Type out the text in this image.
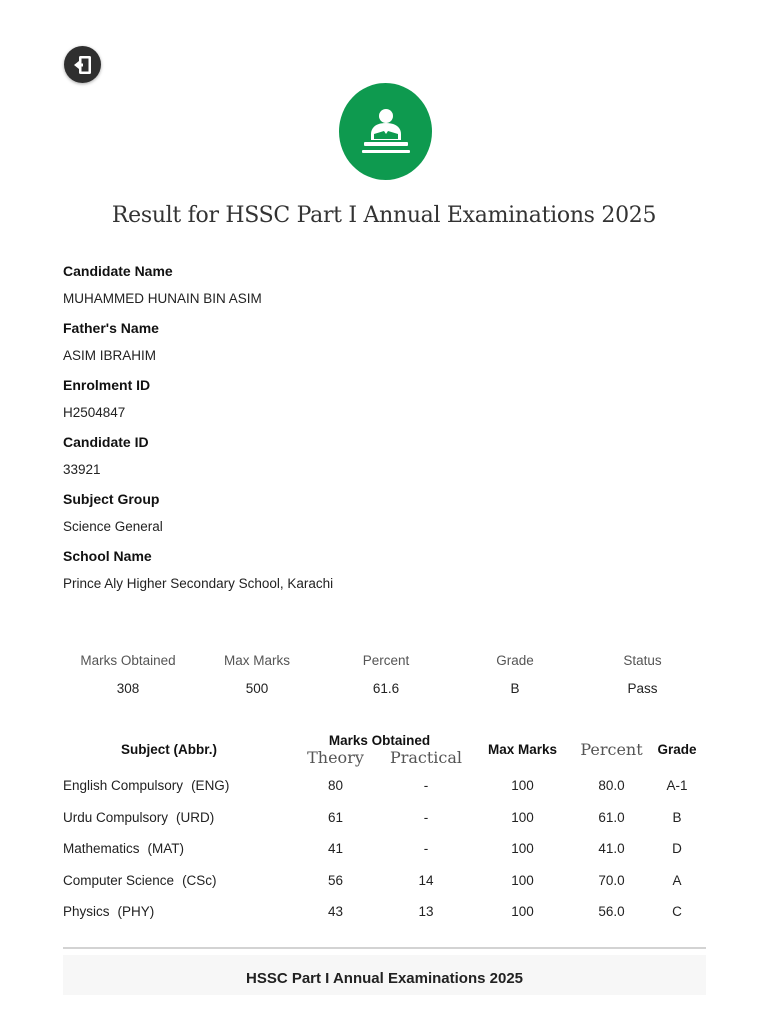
Result for HSSC Part I Annual Examinations 2025
Candidate Name
MUHAMMED HUNAIN BIN ASIM
Father's Name
ASIM IBRAHIM
Enrolment ID
H2504847
Candidate ID
33921
Subject Group
Science General
School Name
Prince Aly Higher Secondary School, Karachi
Marks Obtained	Max Marks	Percent	Grade	Status
308	500	61.6	B	Pass
Subject (Abbr.)	Marks Obtained		Max Marks	Percent	Grade
	Theory	Practical			
English Compulsory (ENG)	80	-	100	80.0	A-1
Urdu Compulsory (URD)	61	-	100	61.0	B
Mathematics (MAT)	41	-	100	41.0	D
Computer Science (CSc)	56	14	100	70.0	A
Physics (PHY)	43	13	100	56.0	C
HSSC Part I Annual Examinations 2025
